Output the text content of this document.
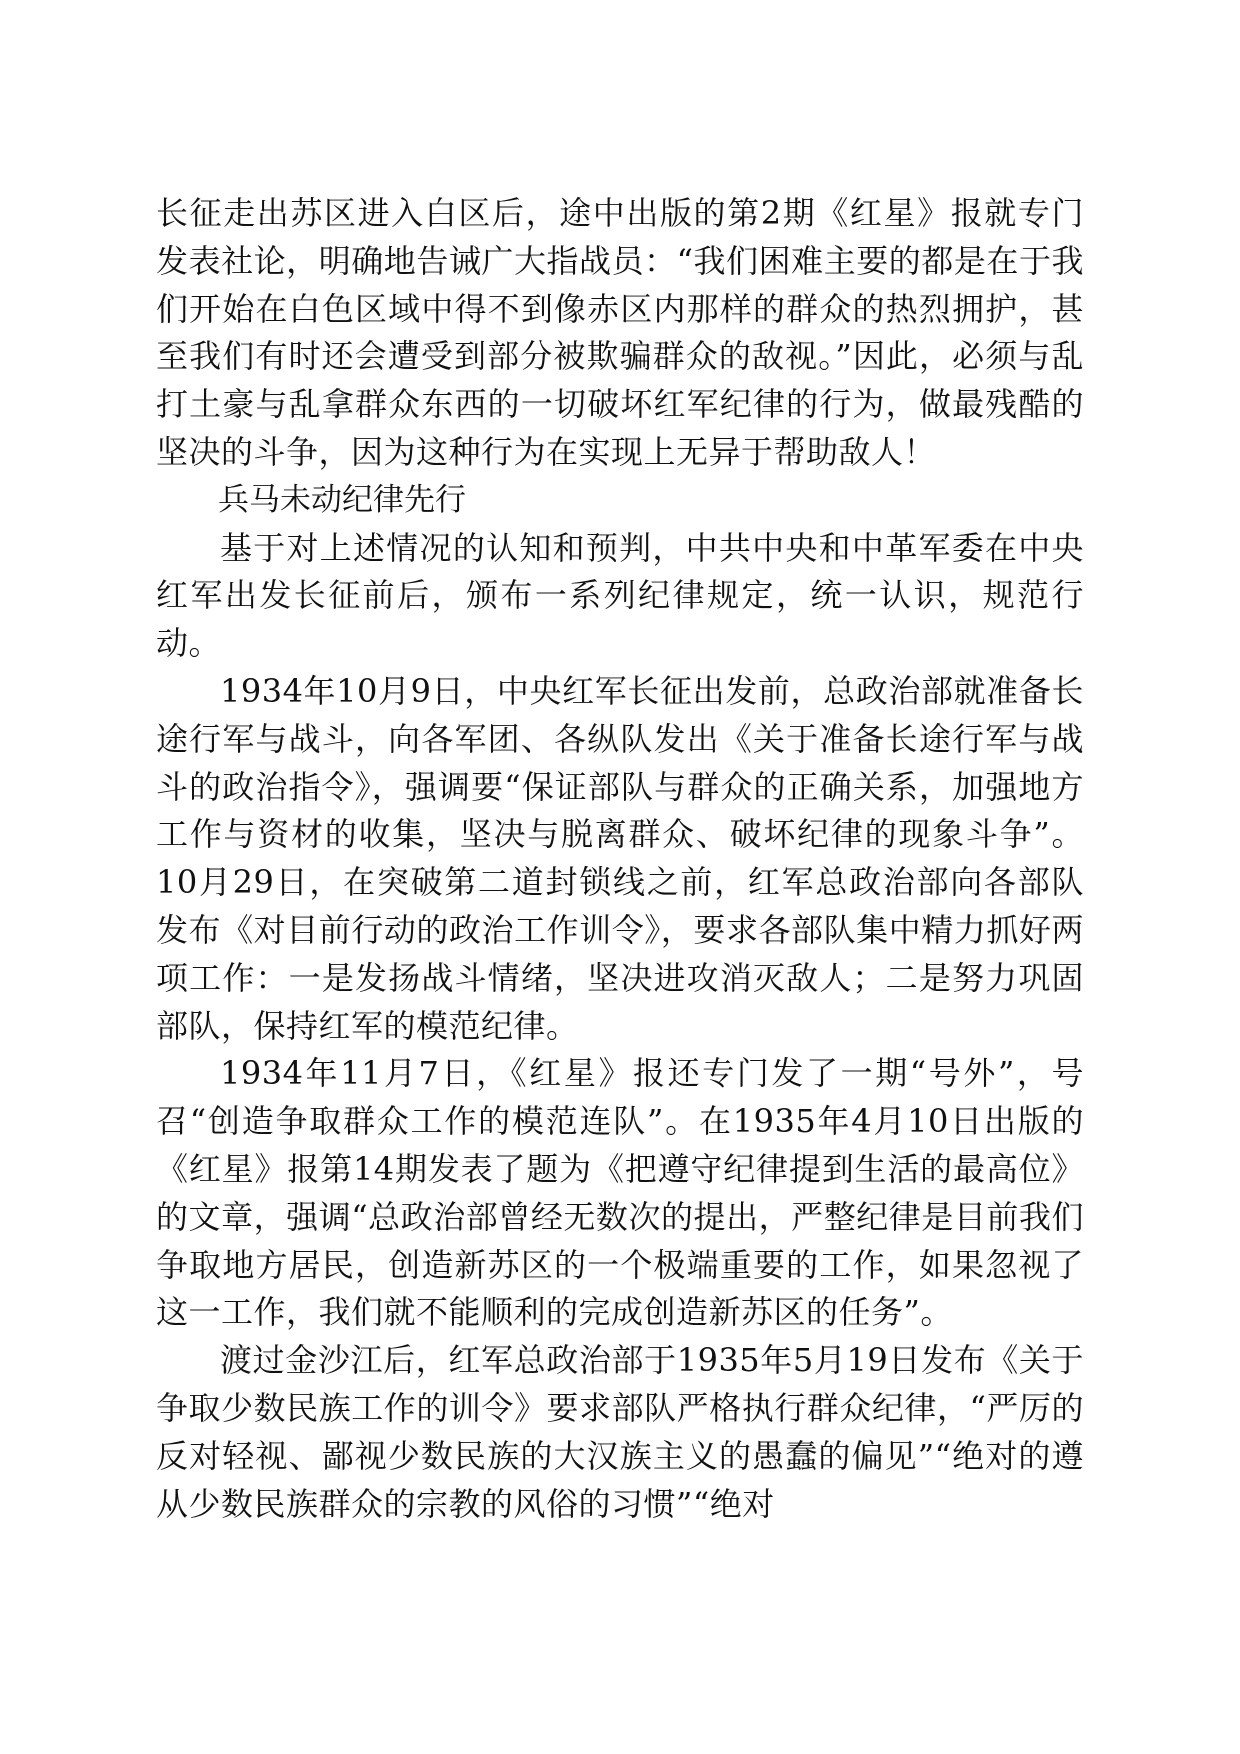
长征走出苏区进入白区后，途中出版的第2期《红星》报就专门发表社论，明确地告诫广大指战员：“我们困难主要的都是在于我们开始在白色区域中得不到像赤区内那样的群众的热烈拥护，甚至我们有时还会遭受到部分被欺骗群众的敌视。”因此，必须与乱打土豪与乱拿群众东西的一切破坏红军纪律的行为，做最残酷的坚决的斗争，因为这种行为在实现上无异于帮助敌人！

兵马未动纪律先行

基于对上述情况的认知和预判，中共中央和中革军委在中央红军出发长征前后，颁布一系列纪律规定，统一认识，规范行动。

1934年10月9日，中央红军长征出发前，总政治部就准备长途行军与战斗，向各军团、各纵队发出《关于准备长途行军与战斗的政治指令》，强调要“保证部队与群众的正确关系，加强地方工作与资材的收集，坚决与脱离群众、破坏纪律的现象斗争”。10月29日，在突破第二道封锁线之前，红军总政治部向各部队发布《对目前行动的政治工作训令》，要求各部队集中精力抓好两项工作：一是发扬战斗情绪，坚决进攻消灭敌人；二是努力巩固部队，保持红军的模范纪律。

1934年11月7日，《红星》报还专门发了一期“号外”，号召“创造争取群众工作的模范连队”。在1935年4月10日出版的《红星》报第14期发表了题为《把遵守纪律提到生活的最高位》的文章，强调“总政治部曾经无数次的提出，严整纪律是目前我们争取地方居民，创造新苏区的一个极端重要的工作，如果忽视了这一工作，我们就不能顺利的完成创造新苏区的任务”。

渡过金沙江后，红军总政治部于1935年5月19日发布《关于争取少数民族工作的训令》要求部队严格执行群众纪律，“严厉的反对轻视、鄙视少数民族的大汉族主义的愚蠢的偏见”“绝对的遵从少数民族群众的宗教的风俗的习惯”“绝对
